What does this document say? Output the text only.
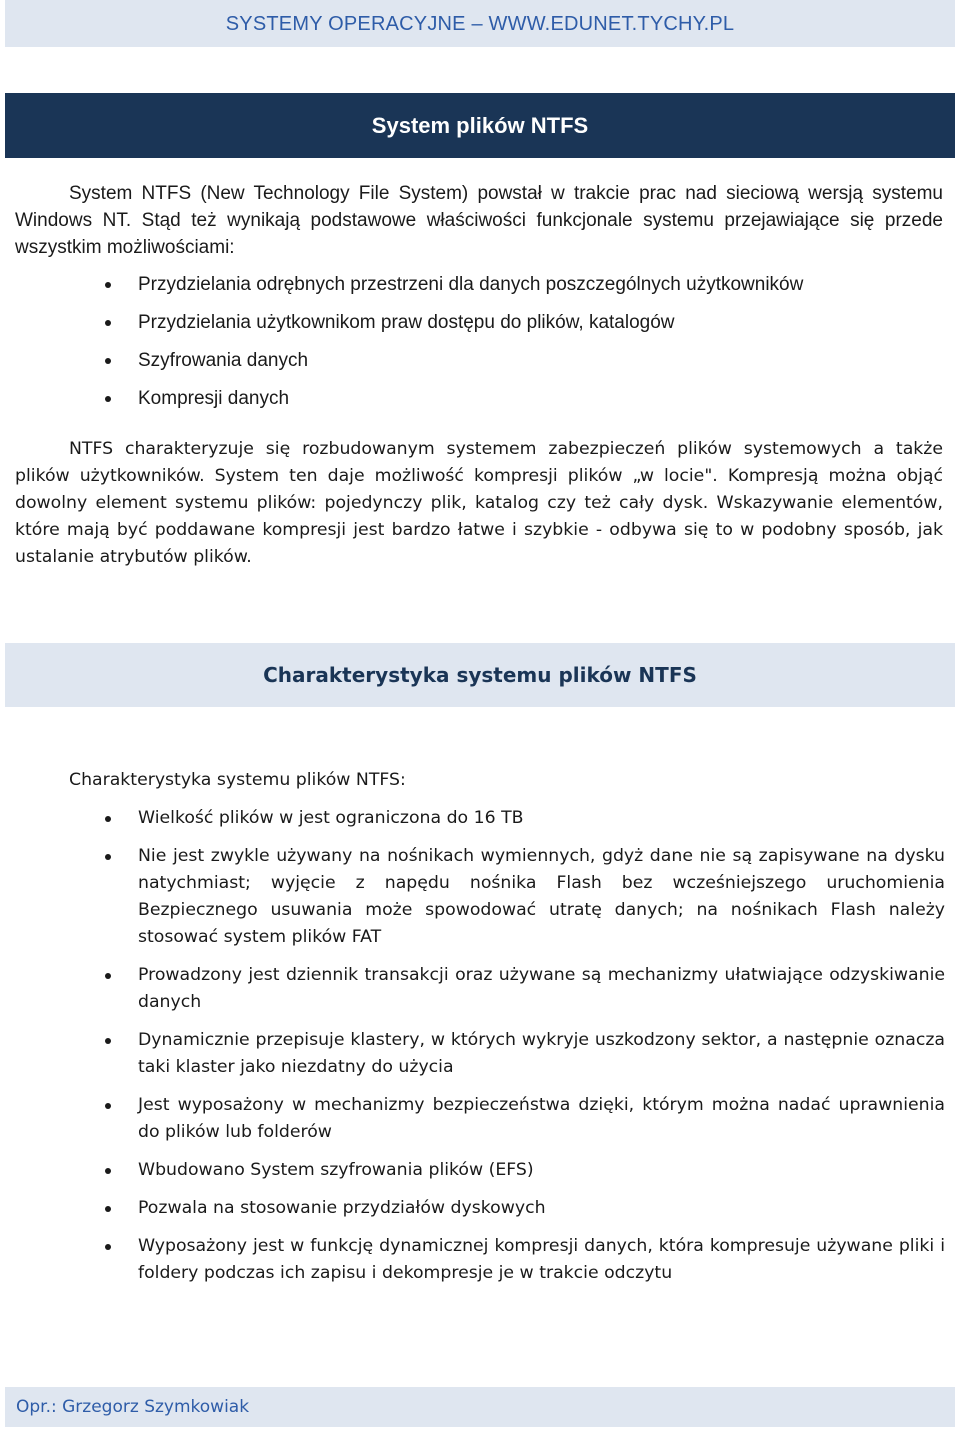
SYSTEMY OPERACYJNE – WWW.EDUNET.TYCHY.PL
System plików NTFS

System NTFS (New Technology File System) powstał w trakcie prac nad sieciową wersją systemu Windows NT. Stąd też wynikają podstawowe właściwości funkcjonale systemu przejawiające się przede wszystkim możliwościami:

Przydzielania odrębnych przestrzeni dla danych poszczególnych użytkowników
Przydzielania użytkownikom praw dostępu do plików, katalogów
Szyfrowania danych
Kompresji danych

NTFS charakteryzuje się rozbudowanym systemem zabezpieczeń plików systemowych a także plików użytkowników. System ten daje możliwość kompresji plików „w locie". Kompresją można objąć dowolny element systemu plików: pojedynczy plik, katalog czy też cały dysk. Wskazywanie elementów, które mają być poddawane kompresji jest bardzo łatwe i szybkie - odbywa się to w podobny sposób, jak ustalanie atrybutów plików.

Charakterystyka systemu plików NTFS

Charakterystyka systemu plików NTFS:

Wielkość plików w jest ograniczona do 16 TB
Nie jest zwykle używany na nośnikach wymiennych, gdyż dane nie są zapisywane na dysku natychmiast; wyjęcie z napędu nośnika Flash bez wcześniejszego uruchomienia Bezpiecznego usuwania może spowodować utratę danych; na nośnikach Flash należy stosować system plików FAT
Prowadzony jest dziennik transakcji oraz używane są mechanizmy ułatwiające odzyskiwanie danych
Dynamicznie przepisuje klastery, w których wykryje uszkodzony sektor, a następnie oznacza taki klaster jako niezdatny do użycia
Jest wyposażony w mechanizmy bezpieczeństwa dzięki, którym można nadać uprawnienia do plików lub folderów
Wbudowano System szyfrowania plików (EFS)
Pozwala na stosowanie przydziałów dyskowych
Wyposażony jest w funkcję dynamicznej kompresji danych, która kompresuje używane pliki i foldery podczas ich zapisu i dekompresje je w trakcie odczytu
Opr.: Grzegorz Szymkowiak
